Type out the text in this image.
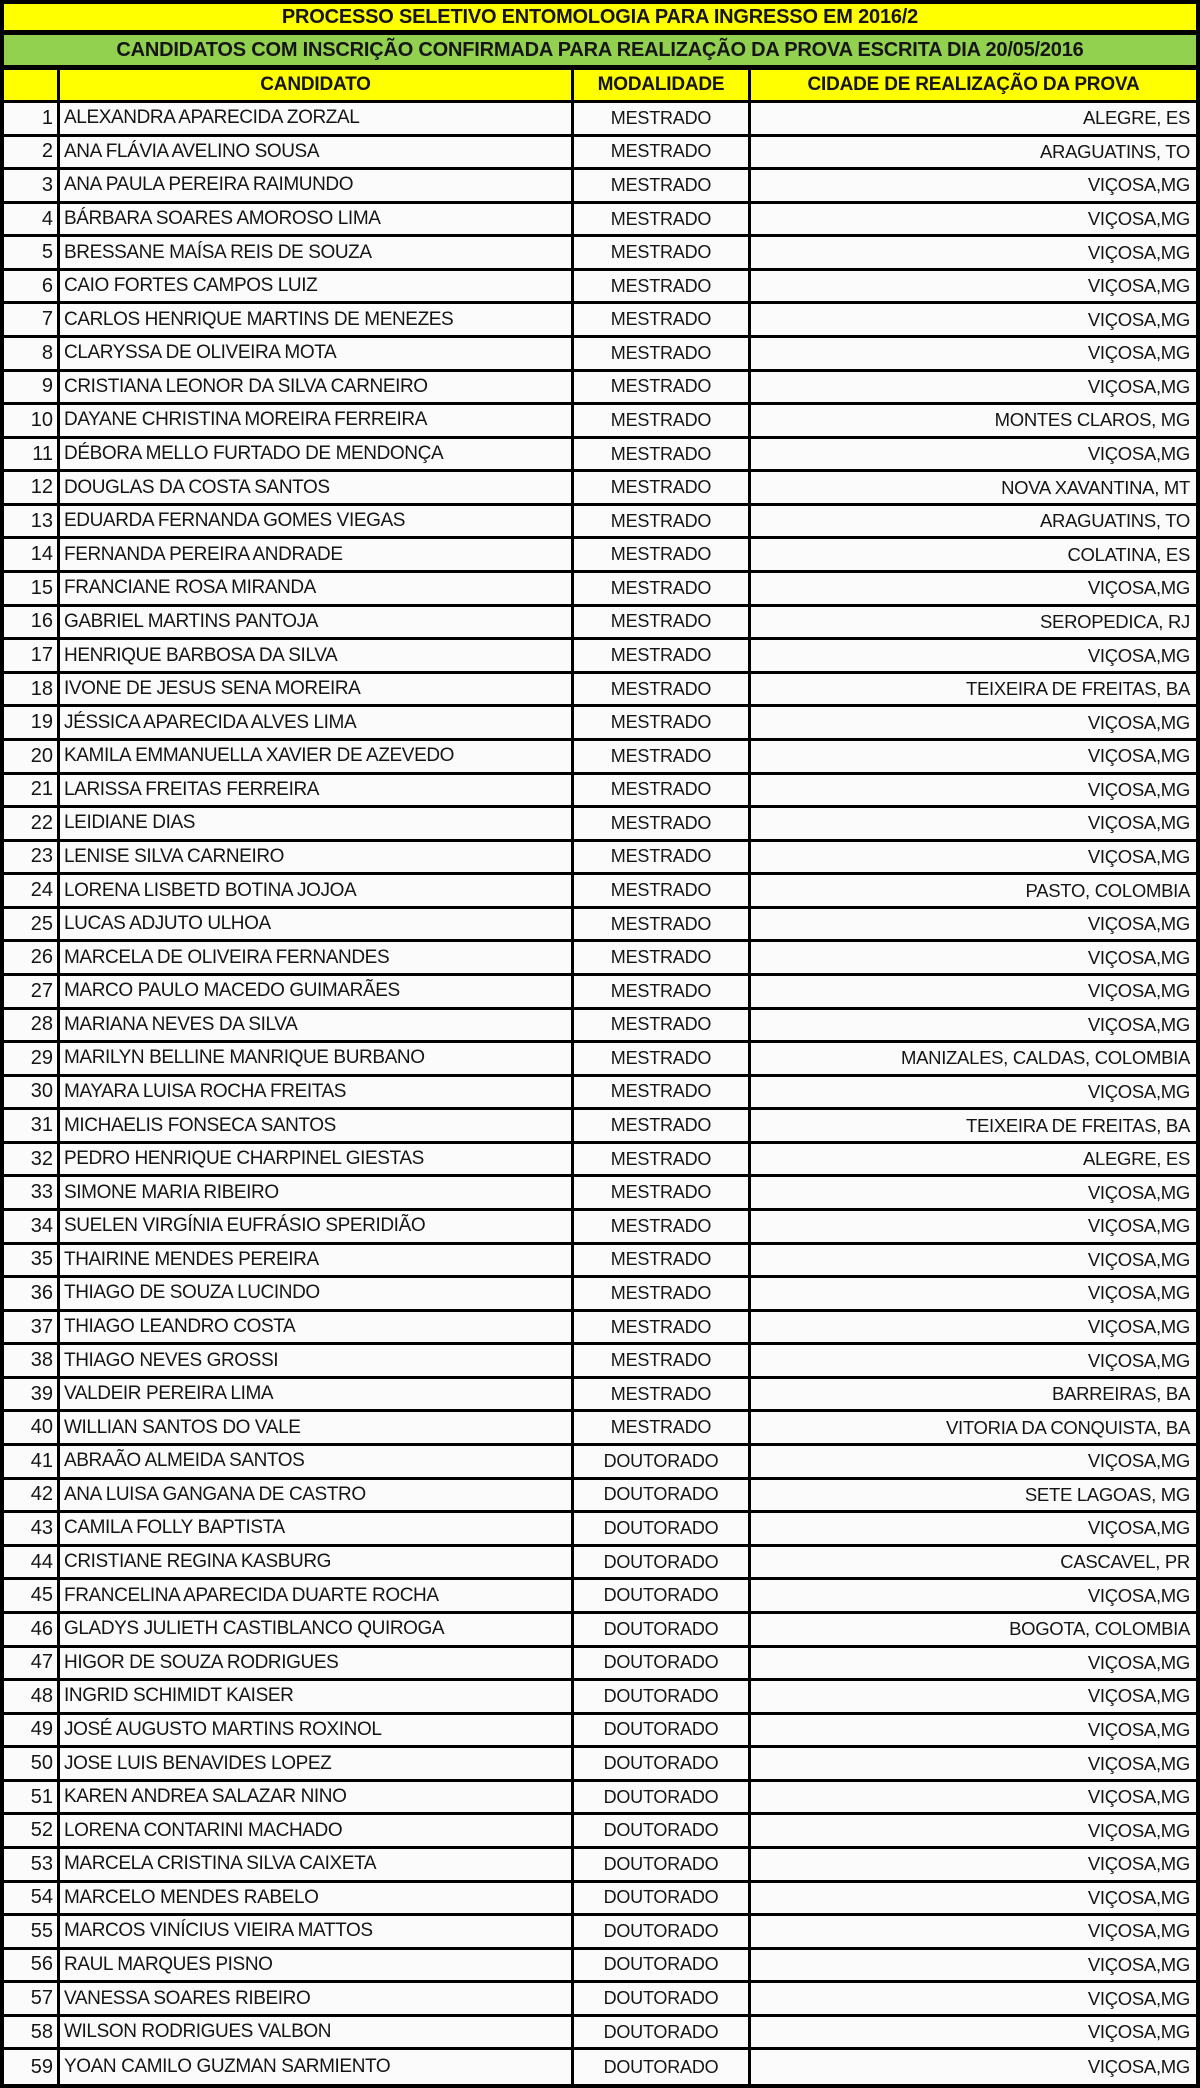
PROCESSO SELETIVO ENTOMOLOGIA PARA INGRESSO EM 2016/2
CANDIDATOS COM INSCRIÇÃO CONFIRMADA PARA REALIZAÇÃO DA PROVA ESCRITA DIA 20/05/2016
CANDIDATO	MODALIDADE	CIDADE DE REALIZAÇÃO DA PROVA
1 ALEXANDRA APARECIDA ZORZAL	MESTRADO	ALEGRE, ES
2 ANA FLÁVIA AVELINO SOUSA	MESTRADO	ARAGUATINS, TO
3 ANA PAULA PEREIRA RAIMUNDO	MESTRADO	VIÇOSA,MG
4 BÁRBARA SOARES AMOROSO LIMA	MESTRADO	VIÇOSA,MG
5 BRESSANE MAÍSA REIS DE SOUZA	MESTRADO	VIÇOSA,MG
6 CAIO FORTES CAMPOS LUIZ	MESTRADO	VIÇOSA,MG
7 CARLOS HENRIQUE MARTINS DE MENEZES	MESTRADO	VIÇOSA,MG
8 CLARYSSA DE OLIVEIRA MOTA	MESTRADO	VIÇOSA,MG
9 CRISTIANA LEONOR DA SILVA CARNEIRO	MESTRADO	VIÇOSA,MG
10 DAYANE CHRISTINA MOREIRA FERREIRA	MESTRADO	MONTES CLAROS, MG
11 DÉBORA MELLO FURTADO DE MENDONÇA	MESTRADO	VIÇOSA,MG
12 DOUGLAS DA COSTA SANTOS	MESTRADO	NOVA XAVANTINA, MT
13 EDUARDA FERNANDA GOMES VIEGAS	MESTRADO	ARAGUATINS, TO
14 FERNANDA PEREIRA ANDRADE	MESTRADO	COLATINA, ES
15 FRANCIANE ROSA MIRANDA	MESTRADO	VIÇOSA,MG
16 GABRIEL MARTINS PANTOJA	MESTRADO	SEROPEDICA, RJ
17 HENRIQUE BARBOSA DA SILVA	MESTRADO	VIÇOSA,MG
18 IVONE DE JESUS SENA MOREIRA	MESTRADO	TEIXEIRA DE FREITAS, BA
19 JÉSSICA APARECIDA ALVES LIMA	MESTRADO	VIÇOSA,MG
20 KAMILA EMMANUELLA XAVIER DE AZEVEDO	MESTRADO	VIÇOSA,MG
21 LARISSA FREITAS FERREIRA	MESTRADO	VIÇOSA,MG
22 LEIDIANE DIAS	MESTRADO	VIÇOSA,MG
23 LENISE SILVA CARNEIRO	MESTRADO	VIÇOSA,MG
24 LORENA LISBETD BOTINA JOJOA	MESTRADO	PASTO, COLOMBIA
25 LUCAS ADJUTO ULHOA	MESTRADO	VIÇOSA,MG
26 MARCELA DE OLIVEIRA FERNANDES	MESTRADO	VIÇOSA,MG
27 MARCO PAULO MACEDO GUIMARÃES	MESTRADO	VIÇOSA,MG
28 MARIANA NEVES DA SILVA	MESTRADO	VIÇOSA,MG
29 MARILYN BELLINE MANRIQUE BURBANO	MESTRADO	MANIZALES, CALDAS, COLOMBIA
30 MAYARA LUISA ROCHA FREITAS	MESTRADO	VIÇOSA,MG
31 MICHAELIS FONSECA SANTOS	MESTRADO	TEIXEIRA DE FREITAS, BA
32 PEDRO HENRIQUE CHARPINEL GIESTAS	MESTRADO	ALEGRE, ES
33 SIMONE MARIA RIBEIRO	MESTRADO	VIÇOSA,MG
34 SUELEN VIRGÍNIA EUFRÁSIO SPERIDIÃO	MESTRADO	VIÇOSA,MG
35 THAIRINE MENDES PEREIRA	MESTRADO	VIÇOSA,MG
36 THIAGO DE SOUZA LUCINDO	MESTRADO	VIÇOSA,MG
37 THIAGO LEANDRO COSTA	MESTRADO	VIÇOSA,MG
38 THIAGO NEVES GROSSI	MESTRADO	VIÇOSA,MG
39 VALDEIR PEREIRA LIMA	MESTRADO	BARREIRAS, BA
40 WILLIAN SANTOS DO VALE	MESTRADO	VITORIA DA CONQUISTA, BA
41 ABRAÃO ALMEIDA SANTOS	DOUTORADO	VIÇOSA,MG
42 ANA LUISA GANGANA DE CASTRO	DOUTORADO	SETE LAGOAS, MG
43 CAMILA FOLLY BAPTISTA	DOUTORADO	VIÇOSA,MG
44 CRISTIANE REGINA KASBURG	DOUTORADO	CASCAVEL, PR
45 FRANCELINA APARECIDA DUARTE ROCHA	DOUTORADO	VIÇOSA,MG
46 GLADYS JULIETH CASTIBLANCO QUIROGA	DOUTORADO	BOGOTA, COLOMBIA
47 HIGOR DE SOUZA RODRIGUES	DOUTORADO	VIÇOSA,MG
48 INGRID SCHIMIDT KAISER	DOUTORADO	VIÇOSA,MG
49 JOSÉ AUGUSTO MARTINS ROXINOL	DOUTORADO	VIÇOSA,MG
50 JOSE LUIS BENAVIDES LOPEZ	DOUTORADO	VIÇOSA,MG
51 KAREN ANDREA SALAZAR NINO	DOUTORADO	VIÇOSA,MG
52 LORENA CONTARINI MACHADO	DOUTORADO	VIÇOSA,MG
53 MARCELA CRISTINA SILVA CAIXETA	DOUTORADO	VIÇOSA,MG
54 MARCELO MENDES RABELO	DOUTORADO	VIÇOSA,MG
55 MARCOS VINÍCIUS VIEIRA MATTOS	DOUTORADO	VIÇOSA,MG
56 RAUL MARQUES PISNO	DOUTORADO	VIÇOSA,MG
57 VANESSA SOARES RIBEIRO	DOUTORADO	VIÇOSA,MG
58 WILSON RODRIGUES VALBON	DOUTORADO	VIÇOSA,MG
59 YOAN CAMILO GUZMAN SARMIENTO	DOUTORADO	VIÇOSA,MG
